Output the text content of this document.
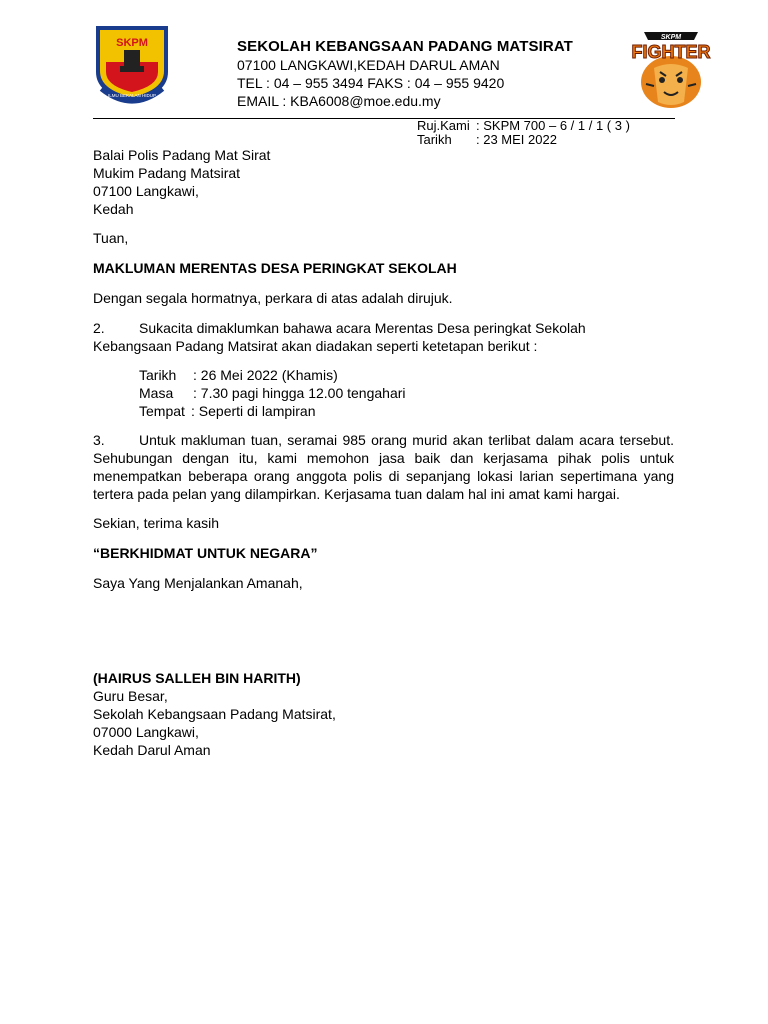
SKPM
ILMU BEKALAN HIDUP
SKPM
FIGHTER
SEKOLAH KEBANGSAAN PADANG MATSIRAT
07100 LANGKAWI,KEDAH DARUL AMAN
TEL : 04 – 955 3494 FAKS : 04 – 955 9420
EMAIL : KBA6008@moe.edu.my
Ruj.Kami : SKPM 700 – 6 / 1 / 1 ( 3 )
Tarikh	: 23 MEI 2022
Balai Polis Padang Mat Sirat
Mukim Padang Matsirat
07100 Langkawi,
Kedah
Tuan,
MAKLUMAN MERENTAS DESA PERINGKAT SEKOLAH
Dengan segala hormatnya, perkara di atas adalah dirujuk.
2. Sukacita dimaklumkan bahawa acara Merentas Desa peringkat Sekolah
Kebangsaan Padang Matsirat akan diadakan seperti ketetapan berikut :
Tarikh : 26 Mei 2022 (Khamis)
Masa : 7.30 pagi hingga 12.00 tengahari
Tempat : Seperti di lampiran
3. Untuk makluman tuan, seramai 985 orang murid akan terlibat dalam acara tersebut.
Sehubungan dengan itu, kami memohon jasa baik dan kerjasama pihak polis untuk
menempatkan beberapa orang anggota polis di sepanjang lokasi larian sepertimana yang
tertera pada pelan yang dilampirkan. Kerjasama tuan dalam hal ini amat kami hargai.
Sekian, terima kasih
“BERKHIDMAT UNTUK NEGARA”
Saya Yang Menjalankan Amanah,
(HAIRUS SALLEH BIN HARITH)
Guru Besar,
Sekolah Kebangsaan Padang Matsirat,
07000 Langkawi,
Kedah Darul Aman
